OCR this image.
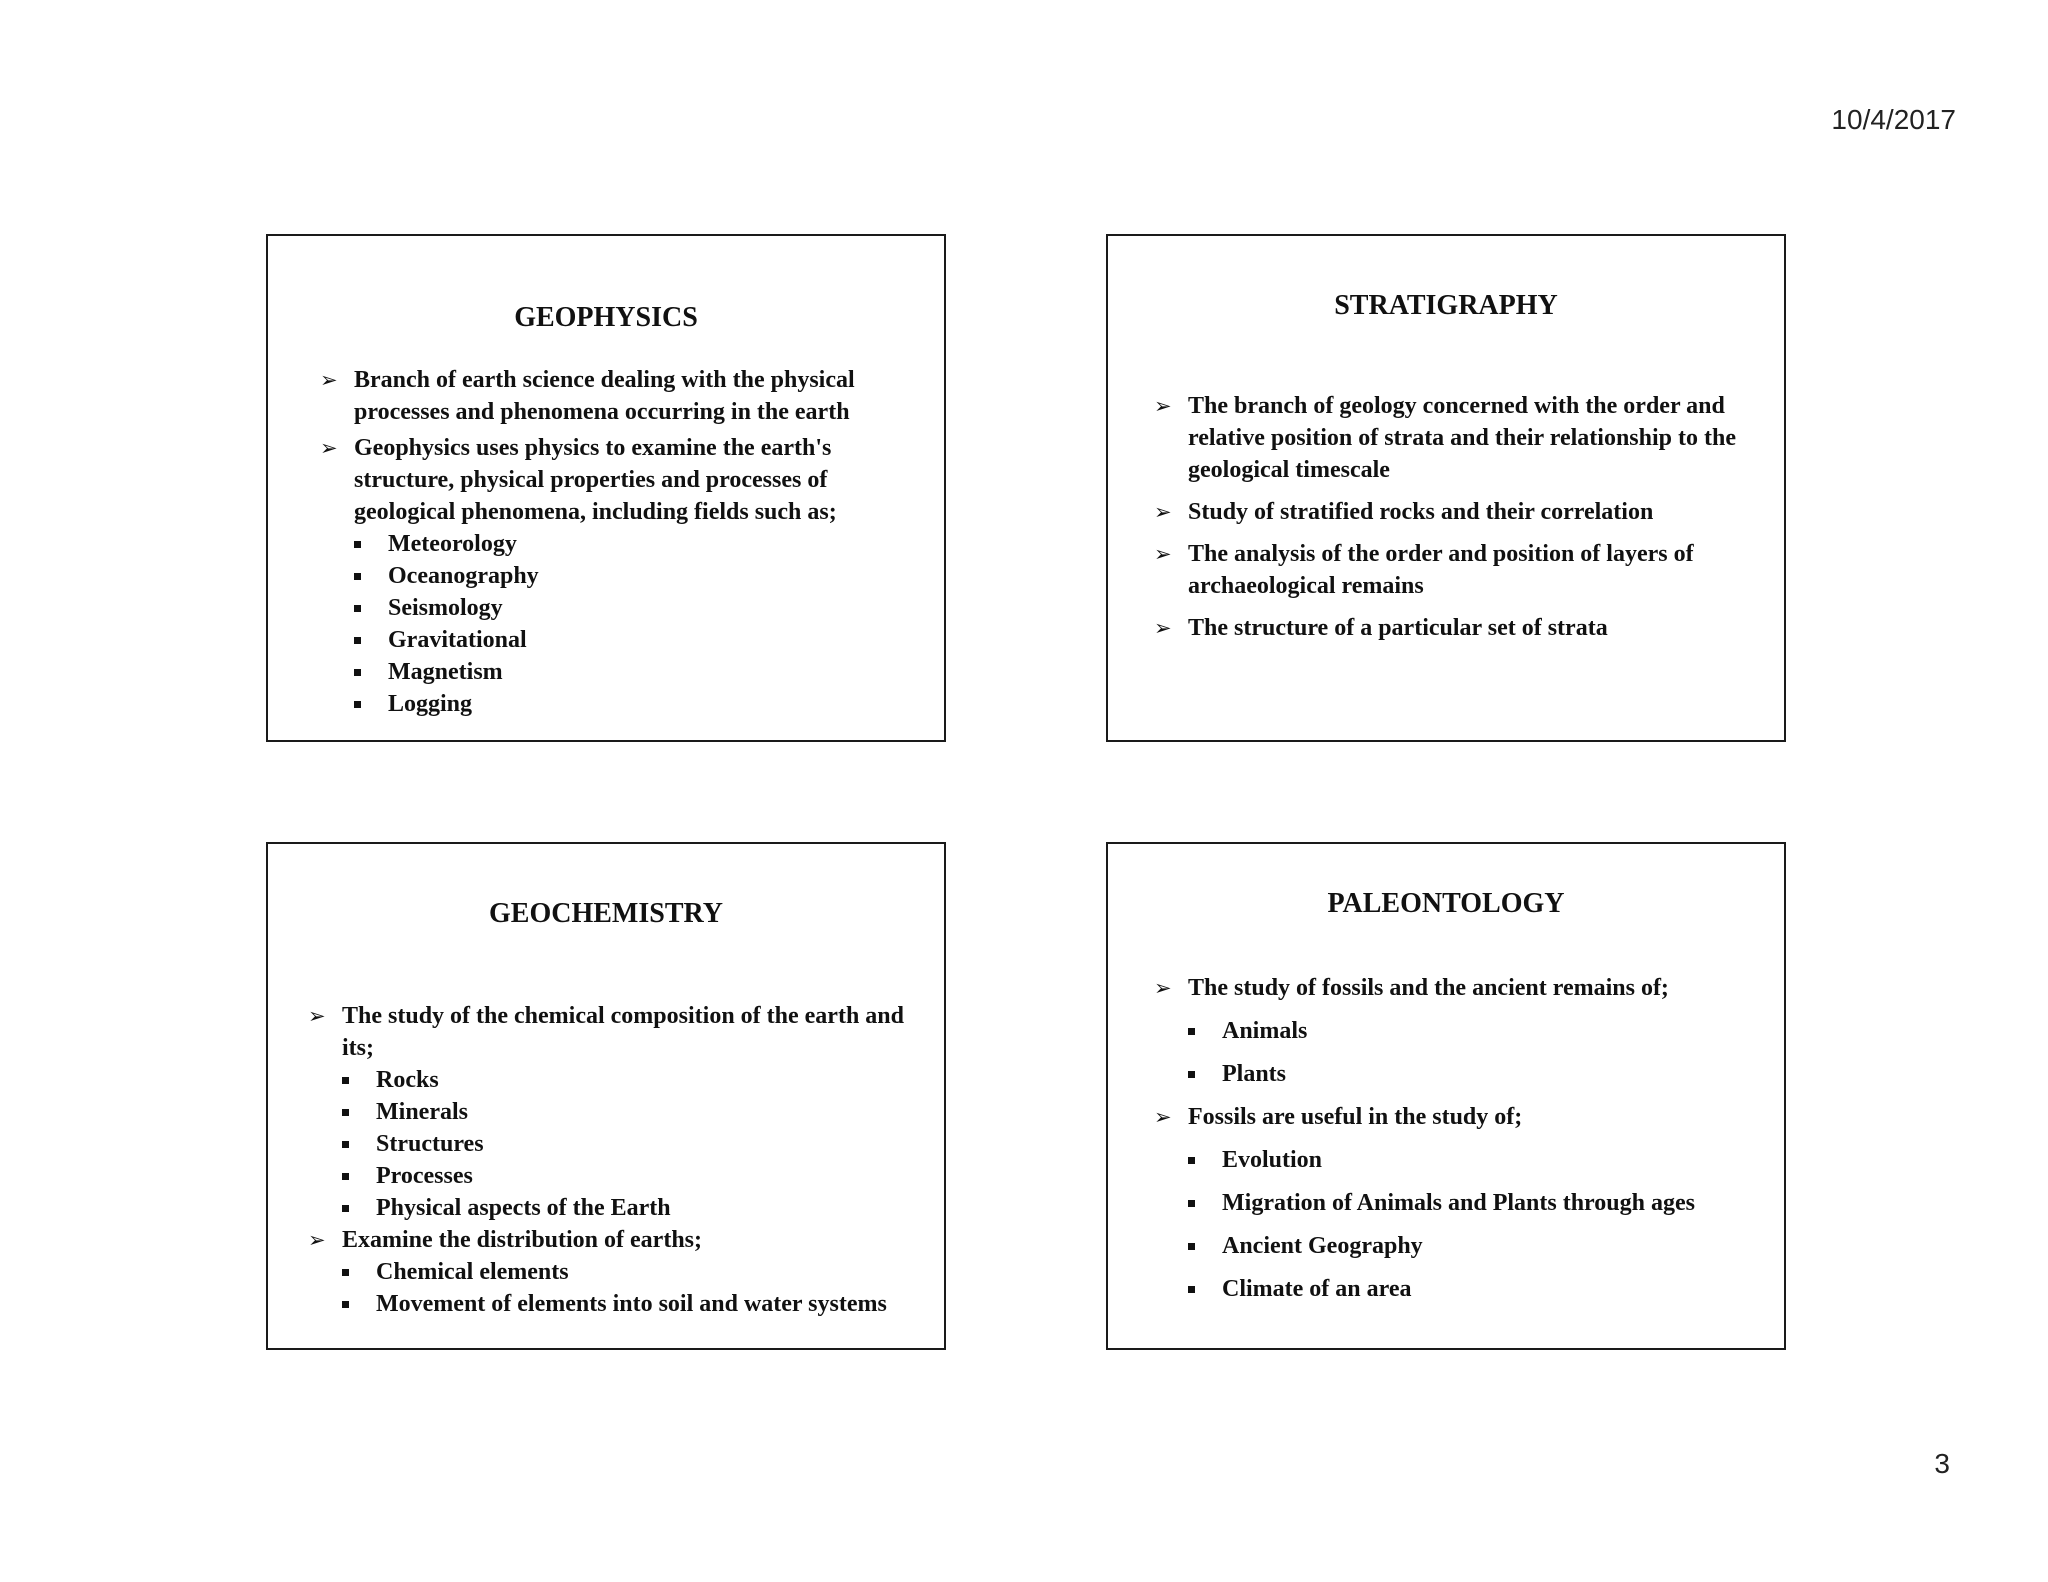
10/4/2017
GEOPHYSICS
➢ Branch of earth science dealing with the physical processes and phenomena occurring in the earth
➢ Geophysics uses physics to examine the earth's structure, physical properties and processes of geological phenomena, including fields such as;
Meteorology
Oceanography
Seismology
Gravitational
Magnetism
Logging
STRATIGRAPHY
➢ The branch of geology concerned with the order and relative position of strata and their relationship to the geological timescale
➢ Study of stratified rocks and their correlation
➢ The analysis of the order and position of layers of archaeological remains
➢ The structure of a particular set of strata
GEOCHEMISTRY
➢ The study of the chemical composition of the earth and its;
Rocks
Minerals
Structures
Processes
Physical aspects of the Earth
➢ Examine the distribution of earths;
Chemical elements
Movement of elements into soil and water systems
PALEONTOLOGY
➢ The study of fossils and the ancient remains of;
Animals
Plants
➢ Fossils are useful in the study of;
Evolution
Migration of Animals and Plants through ages
Ancient Geography
Climate of an area
3
